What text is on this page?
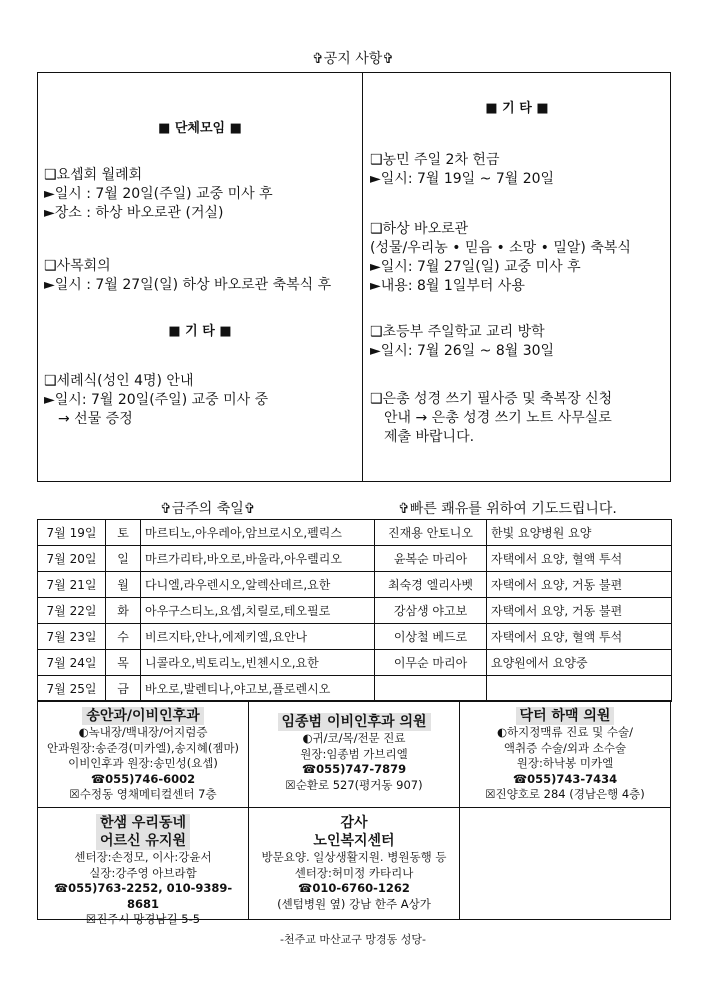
✞공지 사항✞
■ 단체모임 ■
❑요셉회 월례회
►일시 : 7월 20일(주일) 교중 미사 후
►장소 : 하상 바오로관 (거실)
❑사목회의
►일시 : 7월 27일(일) 하상 바오로관 축복식 후
■ 기 타 ■
❑세례식(성인 4명) 안내
►일시: 7월 20일(주일) 교중 미사 중
→ 선물 증정
■ 기 타 ■
❑농민 주일 2차 헌금
►일시: 7월 19일 ~ 7월 20일
❑하상 바오로관
(성물/우리농 • 믿음 • 소망 • 밀알) 축복식
►일시: 7월 27일(일) 교중 미사 후
►내용: 8월 1일부터 사용
❑초등부 주일학교 교리 방학
►일시: 7월 26일 ~ 8월 30일
❑은총 성경 쓰기 필사증 및 축복장 신청
안내 → 은총 성경 쓰기 노트 사무실로
제출 바랍니다.
✞금주의 축일✞	✞빠른 쾌유를 위하여 기도드립니다.
7월 19일	토	마르티노,아우레아,암브로시오,펠릭스	진재용 안토니오	한빛 요양병원 요양
7월 20일	일	마르가리타,바오로,바울라,아우렐리오	윤복순 마리아	자택에서 요양, 혈액 투석
7월 21일	월	다니엘,라우렌시오,알렉산데르,요한	최숙경 엘리사벳	자택에서 요양, 거동 불편
7월 22일	화	아우구스티노,요셉,치릴로,테오필로	강삼생 야고보	자택에서 요양, 거동 불편
7월 23일	수	비르지타,안나,에제키엘,요안나	이상철 베드로	자택에서 요양, 혈액 투석
7월 24일	목	니콜라오,빅토리노,빈첸시오,요한	이무순 마리아	요양원에서 요양중
7월 25일	금	바오로,발렌티나,야고보,플로렌시오		
송안과/이비인후과
◐녹내장/백내장/어지럼증
안과원장:송준경(미카엘),송지혜(젬마)
이비인후과 원장:송민성(요셉)
☎055)746-6002
☒수정동 영채메티컬센터 7층
임종범 이비인후과 의원
◐귀/코/목/전문 진료
원장:임종범 가브리엘
☎055)747-7879
☒순환로 527(평거동 907)
닥터 하맥 의원
◐하지정맥류 진료 및 수술/
액취증 수술/외과 소수술
원장:하낙봉 미카엘
☎055)743-7434
☒진양호로 284 (경남은행 4층)
한샘 우리동네
어르신 유지원
센터장:손정모, 이사:강윤서
실장:강주영 아브라함
☎055)763-2252, 010-9389-8681
☒진주시 망경남길 5-5
감사
노인복지센터
방문요양. 일상생활지원. 병원동행 등
센터장:허미정 카타리나
☎010-6760-1262
(센텀병원 옆) 강남 한주 A상가
-천주교 마산교구 망경동 성당-
